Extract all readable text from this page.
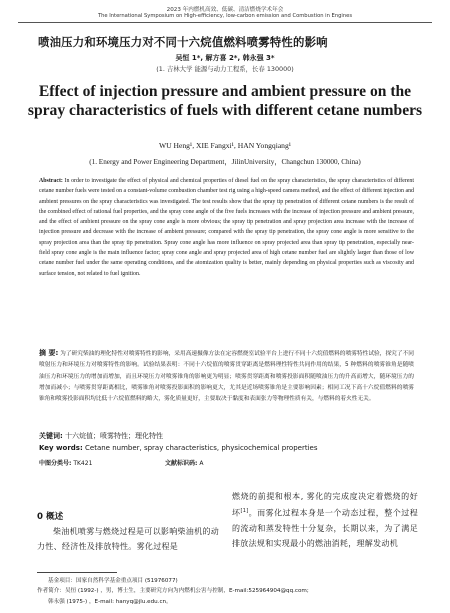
2023 年内燃机高效、低碳、清洁燃烧学术年会
The International Symposium on High-efficiency, low-carbon emission and Combustion in Engines
喷油压力和环境压力对不同十六烷值燃料喷雾特性的影响
吴恒 1*, 解方喜 2*, 韩永强 3*
(1. 吉林大学 能源与动力工程系，长春 130000)
Effect of injection pressure and ambient pressure on the spray characteristics of fuels with different cetane numbers
WU Heng¹, XIE Fangxi¹, HAN Yongqiang¹
(1. Energy and Power Engineering Department，JilinUniversity，Changchun 130000, China)
Abstract: In order to investigate the effect of physical and chemical properties of diesel fuel on the spray characteristics, the spray characteristics of different cetane number fuels were tested on a constant-volume combustion chamber test rig using a high-speed camera method, and the effect of different injection and ambient pressures on the spray characteristics was investigated. The test results show that the spray tip penetration of different cetane numbers is the result of the combined effect of rational fuel properties, and the spray cone angle of the five fuels increases with the increase of injection pressure and ambient pressure, and the effect of ambient pressure on the spray cone angle is more obvious; the spray tip penetration and spray projection area increase with the increase of injection pressure and decrease with the increase of ambient pressure; compared with the spray tip penetration, the spray cone angle is more sensitive to the spray projection area than the spray tip penetration. Spray cone angle has more influence on spray projected area than spray tip penetration, especially near-field spray cone angle is the main influence factor; spray cone angle and spray projected area of high cetane number fuel are slightly larger than those of low cetane number fuel under the same operating conditions, and the atomization quality is better, mainly depending on physical properties such as viscosity and surface tension, not related to fuel ignition.
摘 要: 为了研究柴油的理化特性对喷雾特性的影响，采用高速摄像方法在定容燃烧室试验平台上进行不同十六烷值燃料的喷雾特性试验，探究了不同喷射压力和环境压力对喷雾特性的影响。试验结果表明：不同十六烷值的喷雾贯穿距离是燃料理性特性共同作用的结果，5 种燃料的喷雾锥角是随喷油压力和环境压力的增加而增加，而且环境压力对喷雾锥角的影响更为明显；喷雾贯穿距离和喷雾投影面积随喷油压力的升高而增大，随环境压力的增加而减小；与喷雾贯穿距离相比，喷雾锥角对喷雾投影面积的影响更大，尤其是近场喷雾锥角是主要影响因素；相同工况下高十六烷值燃料的喷雾锥角和喷雾投影面积均比低十六烷值燃料的略大，雾化质量更好，主要取决于黏度和表面张力等物理性质有关，与燃料的着火性无关。
关键词: 十六烷值；喷雾特性；理化特性
Key words: Cetane number, spray characteristics, physicochemical properties
中图分类号: TK421	文献标识码: A
0 概述
柴油机喷雾与燃烧过程是可以影响柴油机的动力性、经济性及排放特性。雾化过程是
燃烧的前提和根本, 雾化的完成度决定着燃烧的好坏[1]。而雾化过程本身是一个动态过程，整个过程的流动和蒸发特性十分复杂，长期以来，为了满足排放法规和实现最小的燃油消耗，理解发动机
基金项目：国家自然科学基金重点项目 (51976077)
作者简介：吴恒 (1992-) ，男，博士生，主要研究方向为内燃机公害与控制，E-mail:525964904@qq.com;
韩永强 (1975-) ，E-mail: hanyq@jlu.edu.cn。
